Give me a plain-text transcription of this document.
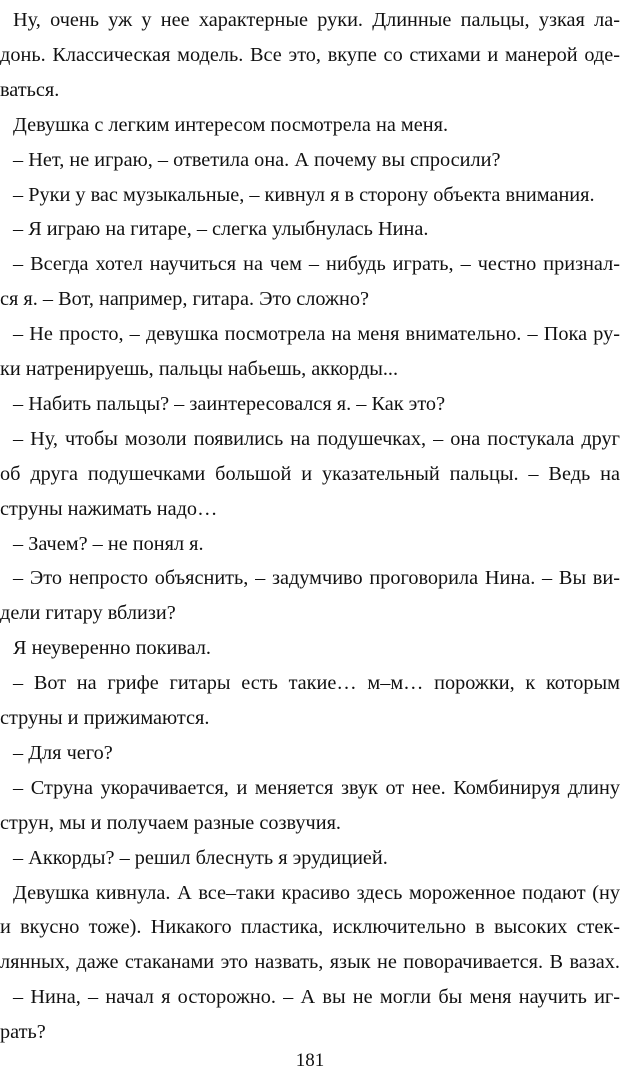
Ну, очень уж у нее характерные руки. Длинные пальцы, узкая ла-
донь. Классическая модель. Все это, вкупе со стихами и манерой оде-
ваться.
Девушка с легким интересом посмотрела на меня.
– Нет, не играю, – ответила она. А почему вы спросили?
– Руки у вас музыкальные, – кивнул я в сторону объекта внимания.
– Я играю на гитаре, – слегка улыбнулась Нина.
– Всегда хотел научиться на чем – нибудь играть, – честно признал-
ся я. – Вот, например, гитара. Это сложно?
– Не просто, – девушка посмотрела на меня внимательно. – Пока ру-
ки натренируешь, пальцы набьешь, аккорды...
– Набить пальцы? – заинтересовался я. – Как это?
– Ну, чтобы мозоли появились на подушечках, – она постукала друг
об друга подушечками большой и указательный пальцы. – Ведь на
струны нажимать надо…
– Зачем? – не понял я.
– Это непросто объяснить, – задумчиво проговорила Нина. – Вы ви-
дели гитару вблизи?
Я неуверенно покивал.
– Вот на грифе гитары есть такие… м–м… порожки, к которым
струны и прижимаются.
– Для чего?
– Струна укорачивается, и меняется звук от нее. Комбинируя длину
струн, мы и получаем разные созвучия.
– Аккорды? – решил блеснуть я эрудицией.
Девушка кивнула. А все–таки красиво здесь мороженное подают (ну
и вкусно тоже). Никакого пластика, исключительно в высоких стек-
лянных, даже стаканами это назвать, язык не поворачивается. В вазах.
– Нина, – начал я осторожно. – А вы не могли бы меня научить иг-
рать?
181
